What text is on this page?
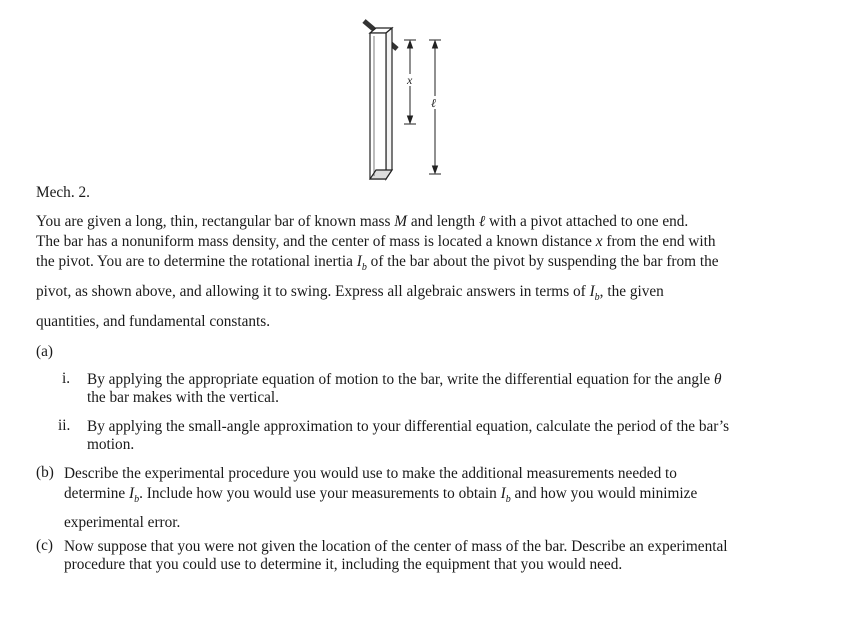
x
ℓ
Mech. 2.

You are given a long, thin, rectangular bar of known mass M and length ℓ with a pivot attached to one end.

The bar has a nonuniform mass density, and the center of mass is located a known distance x from the end with

the pivot. You are to determine the rotational inertia $I_b$ of the bar about the pivot by suspending the bar from the

pivot, as shown above, and allowing it to swing. Express all algebraic answers in terms of $I_b$, the given

quantities, and fundamental constants.

(a)
i. By applying the appropriate equation of motion to the bar, write the differential equation for the angle θ
the bar makes with the vertical.
ii. By applying the small-angle approximation to your differential equation, calculate the period of the bar’s
motion.
(b) Describe the experimental procedure you would use to make the additional measurements needed to
determine $I_b$. Include how you would use your measurements to obtain $I_b$ and how you would minimize
experimental error.
(c) Now suppose that you were not given the location of the center of mass of the bar. Describe an experimental
procedure that you could use to determine it, including the equipment that you would need.
